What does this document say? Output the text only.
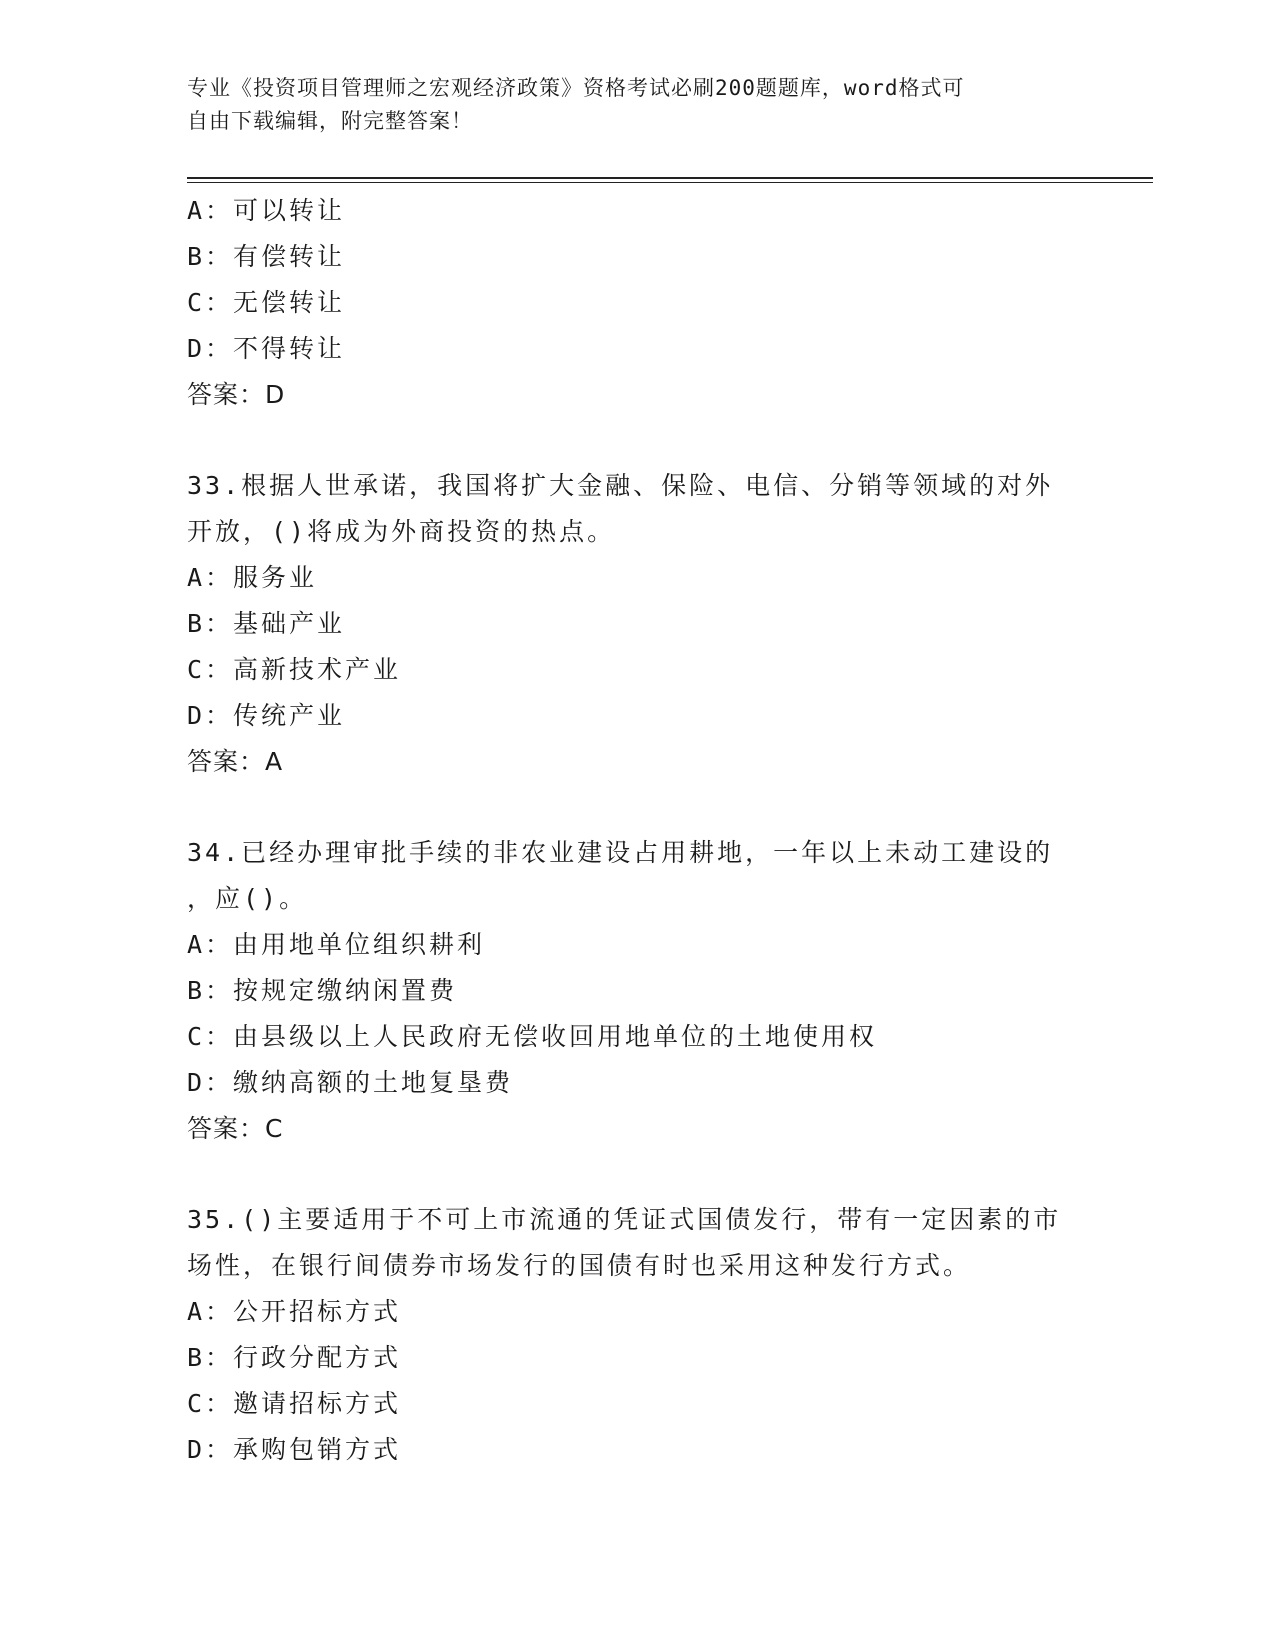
专业《投资项目管理师之宏观经济政策》资格考试必刷200题题库，word格式可
自由下载编辑，附完整答案！
A：可以转让
B：有偿转让
C：无偿转让
D：不得转让
答案：D
33.根据人世承诺，我国将扩大金融、保险、电信、分销等领域的对外
开放，()将成为外商投资的热点。
A：服务业
B：基础产业
C：高新技术产业
D：传统产业
答案：A
34.已经办理审批手续的非农业建设占用耕地，一年以上未动工建设的
，应()。
A：由用地单位组织耕利
B：按规定缴纳闲置费
C：由县级以上人民政府无偿收回用地单位的土地使用权
D：缴纳高额的土地复垦费
答案：C
35.()主要适用于不可上市流通的凭证式国债发行，带有一定因素的市
场性，在银行间债券市场发行的国债有时也采用这种发行方式。
A：公开招标方式
B：行政分配方式
C：邀请招标方式
D：承购包销方式
